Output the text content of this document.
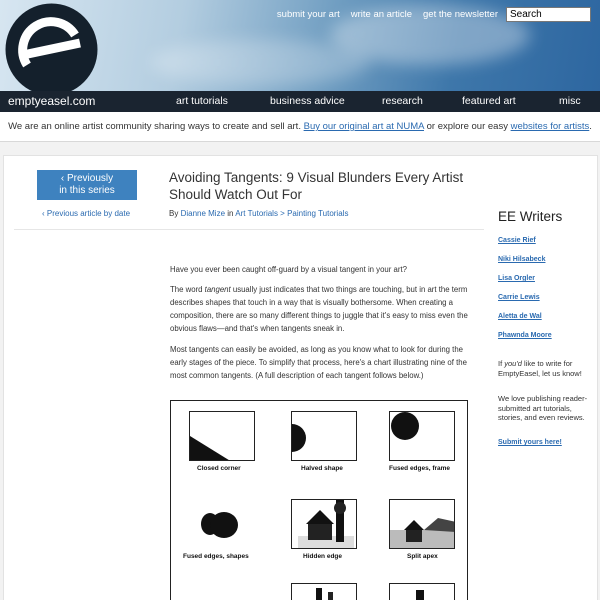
submit your art write an article get the newsletter
Search
emptyeasel.com	art tutorials	business advice	research	featured art	misc
We are an online artist community sharing ways to create and sell art. Buy our original art at NUMA or explore our easy websites for artists.
‹ Previously
in this series
‹ Previous article by date
Avoiding Tangents: 9 Visual Blunders Every Artist Should Watch Out For
By Dianne Mize in Art Tutorials > Painting Tutorials

Have you ever been caught off-guard by a visual tangent in your art?

The word tangent usually just indicates that two things are touching, but in art the term describes shapes that touch in a way that is visually bothersome. When creating a composition, there are so many different things to juggle that it's easy to miss even the obvious flaws—and that's when tangents sneak in.

Most tangents can easily be avoided, as long as you know what to look for during the early stages of the piece. To simplify that process, here's a chart illustrating nine of the most common tangents. (A full description of each tangent follows below.)

Closed corner	Halved shape	Fused edges, frame
Fused edges, shapes	Hidden edge	Split apex
EE Writers
Cassie Rief
Niki Hilsabeck
Lisa Orgler
Carrie Lewis
Aletta de Wal
Phawnda Moore

If you'd like to write for EmptyEasel, let us know!

We love publishing reader-submitted art tutorials, stories, and even reviews.

Submit yours here!
